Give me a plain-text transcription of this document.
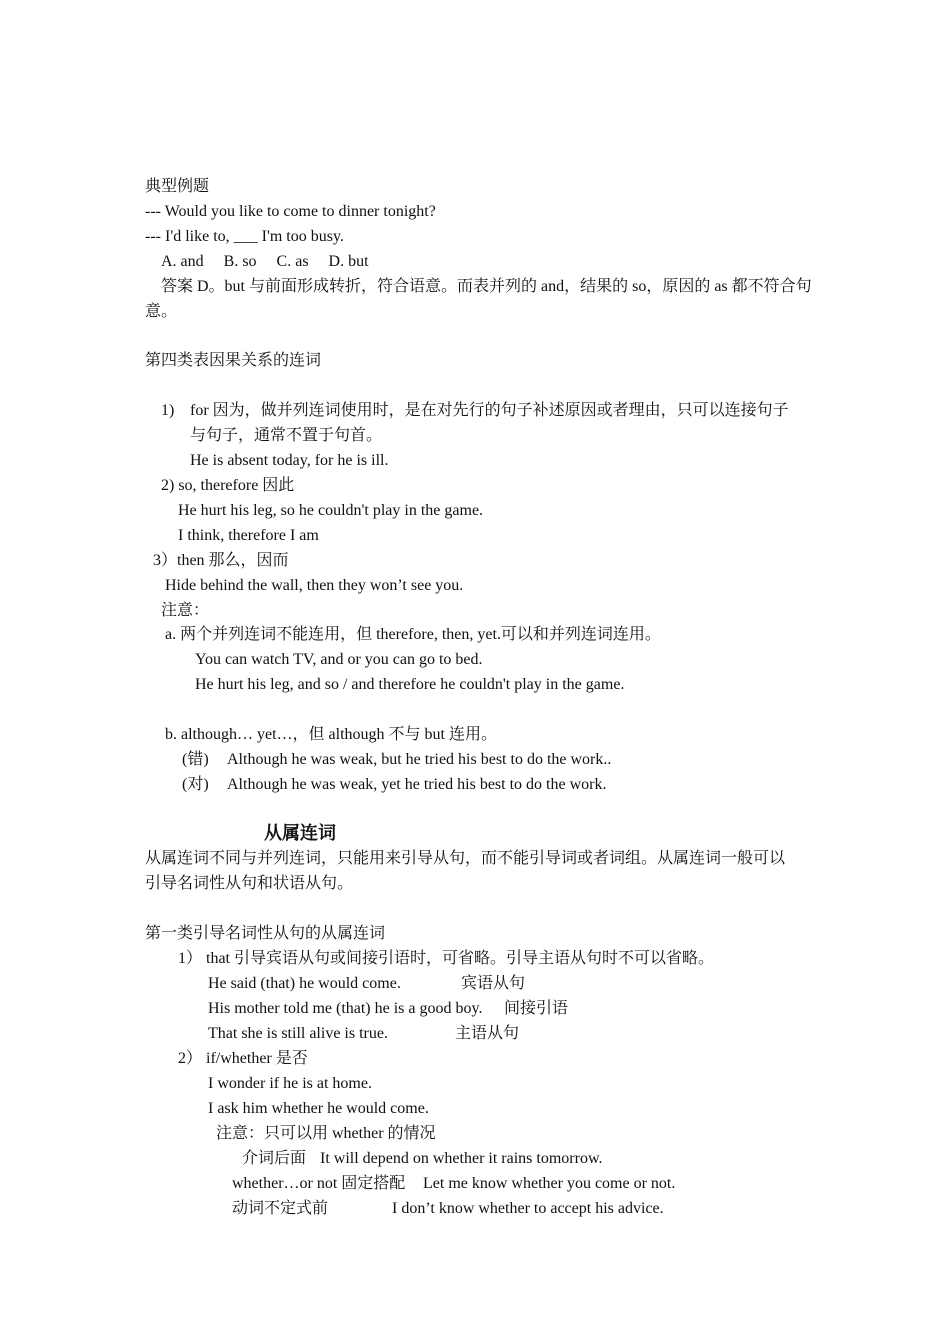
典型例题
--- Would you like to come to dinner tonight?
--- I'd like to, ___ I'm too busy.
A. and     B. so     C. as     D. but
答案 D。but 与前面形成转折，符合语意。而表并列的 and，结果的 so，原因的 as 都不符合句
意。
第四类表因果关系的连词
1) for 因为，做并列连词使用时，是在对先行的句子补述原因或者理由，只可以连接句子
与句子，通常不置于句首。
He is absent today, for he is ill.
2) so, therefore 因此
He hurt his leg, so he couldn't play in the game.
I think, therefore I am
3）then 那么，因而
Hide behind the wall, then they won’t see you.
注意：
a. 两个并列连词不能连用，但 therefore, then, yet.可以和并列连词连用。
You can watch TV, and or you can go to bed.
He hurt his leg, and so / and therefore he couldn't play in the game.
b. although… yet…，但 although 不与 but 连用。
(错) Although he was weak, but he tried his best to do the work..
(对) Although he was weak, yet he tried his best to do the work.
从属连词
从属连词不同与并列连词，只能用来引导从句，而不能引导词或者词组。从属连词一般可以
引导名词性从句和状语从句。
第一类引导名词性从句的从属连词
1） that 引导宾语从句或间接引语时，可省略。引导主语从句时不可以省略。
He said (that) he would come.	宾语从句
His mother told me (that) he is a good boy. 间接引语
That she is still alive is true.	主语从句
2） if/whether 是否
I wonder if he is at home.
I ask him whether he would come.
注意：只可以用 whether 的情况
介词后面 It will depend on whether it rains tomorrow.
whether…or not 固定搭配 Let me know whether you come or not.
动词不定式前	I don’t know whether to accept his advice.
